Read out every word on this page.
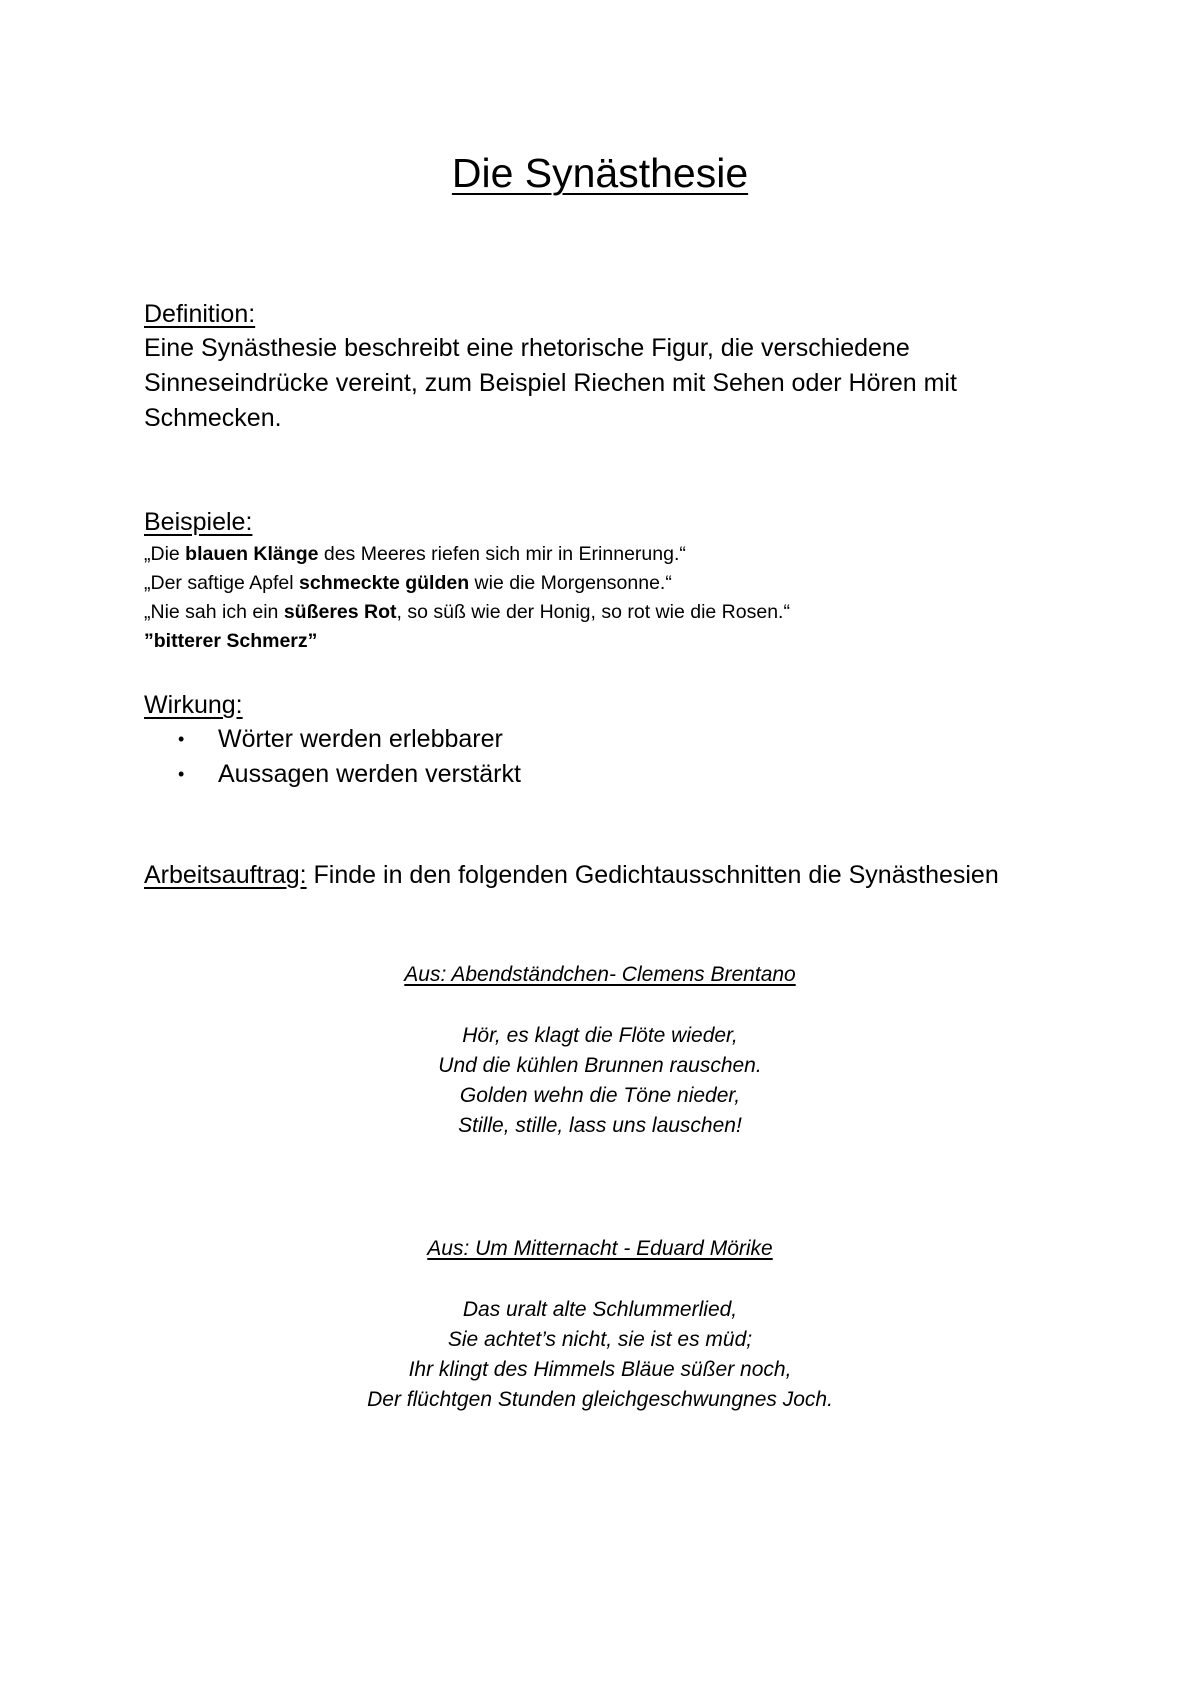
Die Synästhesie
Definition:
Eine Synästhesie beschreibt eine rhetorische Figur, die verschiedene Sinneseindrücke vereint, zum Beispiel Riechen mit Sehen oder Hören mit Schmecken.
Beispiele:
„Die blauen Klänge des Meeres riefen sich mir in Erinnerung.“
„Der saftige Apfel schmeckte gülden wie die Morgensonne.“
„Nie sah ich ein süßeres Rot, so süß wie der Honig, so rot wie die Rosen.“
”bitterer Schmerz”
Wirkung:
• Wörter werden erlebbarer
• Aussagen werden verstärkt
Arbeitsauftrag: Finde in den folgenden Gedichtausschnitten die Synästhesien
Aus: Abendständchen- Clemens Brentano
Hör, es klagt die Flöte wieder,
Und die kühlen Brunnen rauschen.
Golden wehn die Töne nieder,
Stille, stille, lass uns lauschen!
Aus: Um Mitternacht - Eduard Mörike
Das uralt alte Schlummerlied,
Sie achtet’s nicht, sie ist es müd;
Ihr klingt des Himmels Bläue süßer noch,
Der flüchtgen Stunden gleichgeschwungnes Joch.
